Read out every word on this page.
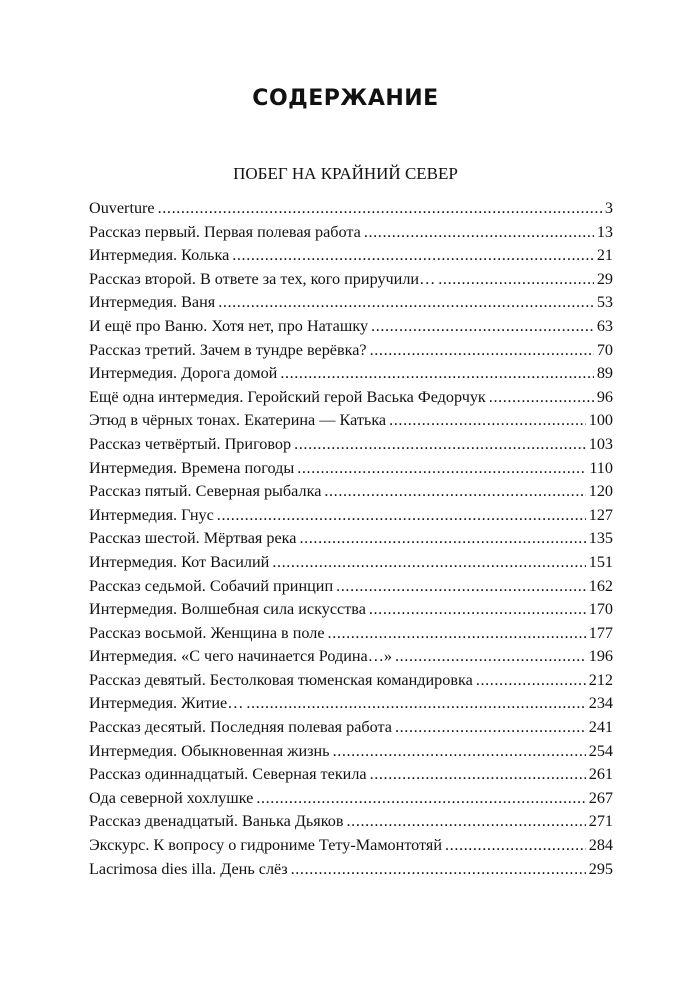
СОДЕРЖАНИЕ
ПОБЕГ НА КРАЙНИЙ СЕВЕР
Ouverture .....	3
Рассказ первый. Первая полевая работа .....	13
Интермедия. Колька .....	21
Рассказ второй. В ответе за тех, кого приручили… .....	29
Интермедия. Ваня .....	53
И ещё про Ваню. Хотя нет, про Наташку .....	63
Рассказ третий. Зачем в тундре верёвка? .....	70
Интермедия. Дорога домой .....	89
Ещё одна интермедия. Геройский герой Васька Федорчук .....	96
Этюд в чёрных тонах. Екатерина — Катька .....	100
Рассказ четвёртый. Приговор .....	103
Интермедия. Времена погоды .....	110
Рассказ пятый. Северная рыбалка .....	120
Интермедия. Гнус .....	127
Рассказ шестой. Мёртвая река .....	135
Интермедия. Кот Василий .....	151
Рассказ седьмой. Собачий принцип .....	162
Интермедия. Волшебная сила искусства .....	170
Рассказ восьмой. Женщина в поле .....	177
Интермедия. «С чего начинается Родина…» .....	196
Рассказ девятый. Бестолковая тюменская командировка .....	212
Интермедия. Житие… .....	234
Рассказ десятый. Последняя полевая работа .....	241
Интермедия. Обыкновенная жизнь .....	254
Рассказ одиннадцатый. Северная текила .....	261
Ода северной хохлушке .....	267
Рассказ двенадцатый. Ванька Дьяков .....	271
Экскурс. К вопросу о гидрониме Тету-Мамонтотяй .....	284
Lacrimosa dies illa. День слёз .....	295
